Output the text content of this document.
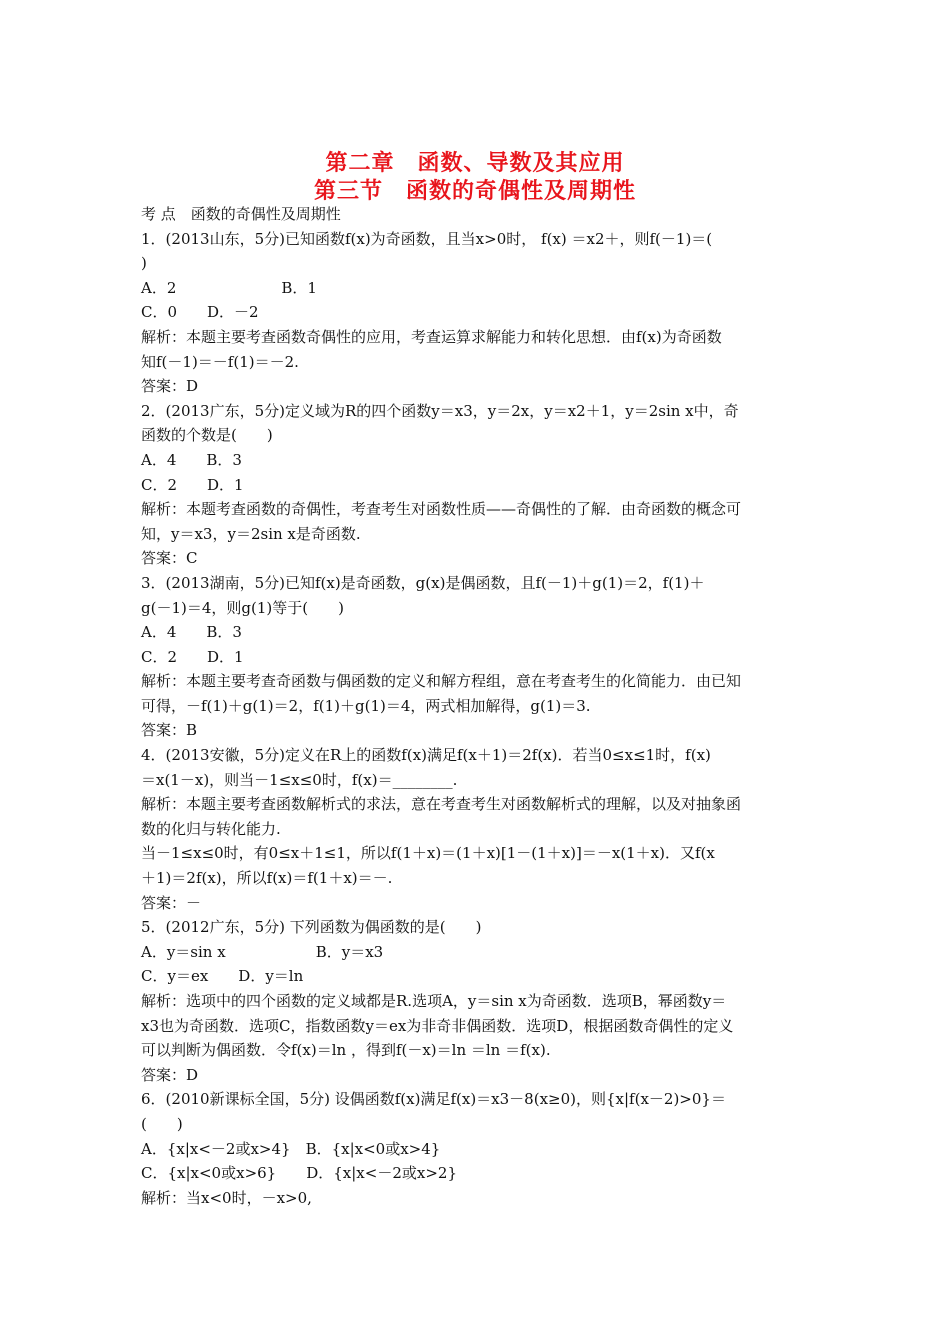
第二章　函数、导数及其应用
第三节　函数的奇偶性及周期性
考 点　函数的奇偶性及周期性
1．(2013山东，5分)已知函数f(x)为奇函数，且当x>0时， f(x) ＝x2＋，则f(－1)＝(
)
A．2　　　　　　　B．1
C．0　　D．－2
解析：本题主要考查函数奇偶性的应用，考查运算求解能力和转化思想．由f(x)为奇函数
知f(－1)＝－f(1)＝－2.
答案：D
2．(2013广东，5分)定义域为R的四个函数y＝x3，y＝2x，y＝x2＋1，y＝2sin x中，奇
函数的个数是(　　)
A．4　　B．3
C．2　　D．1
解析：本题考查函数的奇偶性，考查考生对函数性质——奇偶性的了解．由奇函数的概念可
知，y＝x3，y＝2sin x是奇函数.
答案：C
3．(2013湖南，5分)已知f(x)是奇函数，g(x)是偶函数，且f(－1)＋g(1)＝2，f(1)＋
g(－1)＝4，则g(1)等于(　　)
A．4　　B．3
C．2　　D．1
解析：本题主要考查奇函数与偶函数的定义和解方程组，意在考查考生的化简能力．由已知
可得，－f(1)＋g(1)＝2，f(1)＋g(1)＝4，两式相加解得，g(1)＝3.
答案：B
4．(2013安徽，5分)定义在R上的函数f(x)满足f(x＋1)＝2f(x)．若当0≤x≤1时，f(x)
＝x(1－x)，则当－1≤x≤0时，f(x)＝________.
解析：本题主要考查函数解析式的求法，意在考查考生对函数解析式的理解，以及对抽象函
数的化归与转化能力.
当－1≤x≤0时，有0≤x＋1≤1，所以f(1＋x)＝(1＋x)[1－(1＋x)]＝－x(1＋x)．又f(x
＋1)＝2f(x)，所以f(x)＝f(1＋x)＝－.
答案：－
5．(2012广东，5分) 下列函数为偶函数的是(　　)
A．y＝sin x　　　　　　B．y＝x3
C．y＝ex　　D．y＝ln
解析：选项中的四个函数的定义域都是R.选项A，y＝sin x为奇函数．选项B，幂函数y＝
x3也为奇函数．选项C，指数函数y＝ex为非奇非偶函数．选项D，根据函数奇偶性的定义
可以判断为偶函数．令f(x)＝ln ，得到f(－x)＝ln ＝ln ＝f(x).
答案：D
6．(2010新课标全国，5分) 设偶函数f(x)满足f(x)＝x3－8(x≥0)，则{x|f(x－2)>0}＝
(　　)
A．{x|x<－2或x>4}　B．{x|x<0或x>4}
C．{x|x<0或x>6}　　D．{x|x<－2或x>2}
解析：当x<0时，－x>0,
